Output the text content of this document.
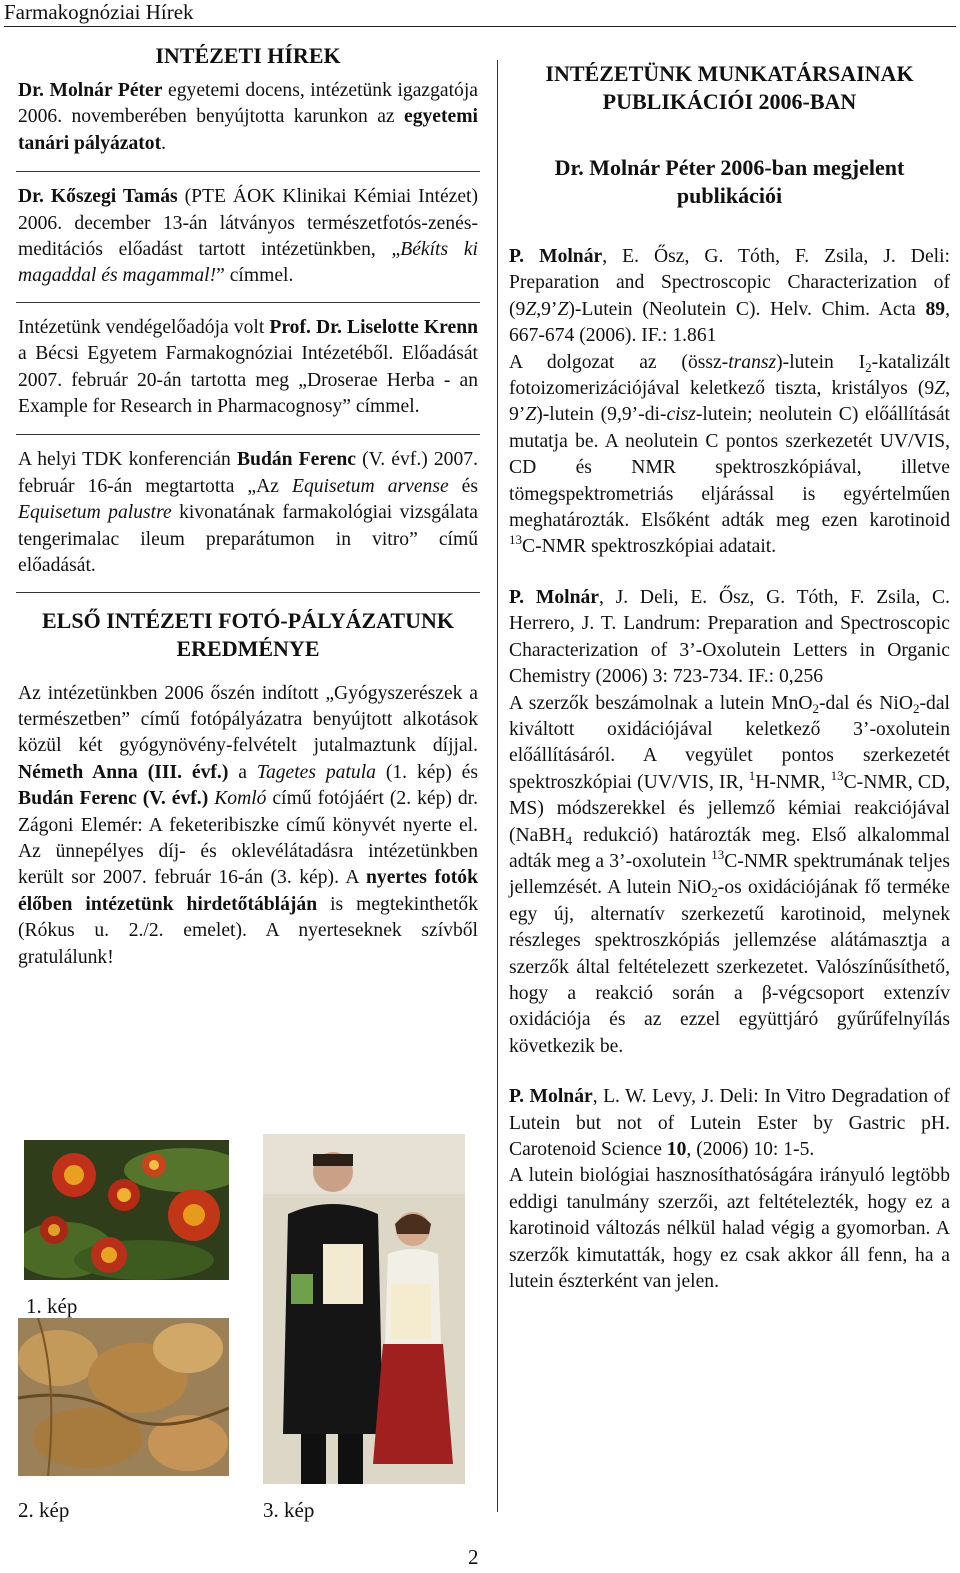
Farmakognóziai Hírek
INTÉZETI HÍREK

Dr. Molnár Péter egyetemi docens, intézetünk igazgatója 2006. novemberében benyújtotta karunkon az egyetemi tanári pályázatot.

Dr. Kőszegi Tamás (PTE ÁOK Klinikai Kémiai Intézet) 2006. december 13-án látványos természetfotós-zenés-meditációs előadást tartott intézetünkben, „Békíts ki magaddal és magammal!” címmel.

Intézetünk vendégelőadója volt Prof. Dr. Liselotte Krenn a Bécsi Egyetem Farmakognóziai Intézetéből. Előadását 2007. február 20-án tartotta meg „Droserae Herba - an Example for Research in Pharmacognosy” címmel.

A helyi TDK konferencián Budán Ferenc (V. évf.) 2007. február 16-án megtartotta „Az Equisetum arvense és Equisetum palustre kivonatának farmakológiai vizsgálata tengerimalac ileum preparátumon in vitro” című előadását.

ELSŐ INTÉZETI FOTÓ-PÁLYÁZATUNK EREDMÉNYE

Az intézetünkben 2006 őszén indított „Gyógyszerészek a természetben” című fotópályázatra benyújtott alkotások közül két gyógynövény-felvételt jutalmaztunk díjjal. Németh Anna (III. évf.) a Tagetes patula (1. kép) és Budán Ferenc (V. évf.) Komló című fotójáért (2. kép) dr. Zágoni Elemér: A feketeribiszke című könyvét nyerte el. Az ünnepélyes díj- és oklevélátadásra intézetünkben került sor 2007. február 16-án (3. kép). A nyertes fotók élőben intézetünk hirdetőtábláján is megtekinthetők (Rókus u. 2./2. emelet). A nyerteseknek szívből gratulálunk!

1. kép
2. kép	3. kép
INTÉZETÜNK MUNKATÁRSAINAK PUBLIKÁCIÓI 2006-BAN
Dr. Molnár Péter 2006-ban megjelent publikációi

P. Molnár, E. Ősz, G. Tóth, F. Zsila, J. Deli: Preparation and Spectroscopic Characterization of (9Z,9’Z)-Lutein (Neolutein C). Helv. Chim. Acta 89, 667-674 (2006). IF.: 1.861

A dolgozat az (össz-transz)-lutein $I_2$-katalizált fotoizomerizációjával keletkező tiszta, kristályos (9Z, 9’Z)-lutein (9,9’-di-cisz-lutein; neolutein C) előállítását mutatja be. A neolutein C pontos szerkezetét UV/VIS, CD és NMR spektroszkópiával, illetve tömegspektrometriás eljárással is egyértelműen meghatározták. Elsőként adták meg ezen karotinoid $^{13}$C-NMR spektroszkópiai adatait.

P. Molnár, J. Deli, E. Ősz, G. Tóth, F. Zsila, C. Herrero, J. T. Landrum: Preparation and Spectroscopic Characterization of 3’-Oxolutein Letters in Organic Chemistry (2006) 3: 723-734. IF.: 0,256

A szerzők beszámolnak a lutein MnO$_2$-dal és NiO$_2$-dal kiváltott oxidációjával keletkező 3’-oxolutein előállításáról. A vegyület pontos szerkezetét spektroszkópiai (UV/VIS, IR, $^1$H-NMR, $^{13}$C-NMR, CD, MS) módszerekkel és jellemző kémiai reakciójával (NaBH$_4$ redukció) határozták meg. Első alkalommal adták meg a 3’-oxolutein $^{13}$C-NMR spektrumának teljes jellemzését. A lutein NiO$_2$-os oxidációjának fő terméke egy új, alternatív szerkezetű karotinoid, melynek részleges spektroszkópiás jellemzése alátámasztja a szerzők által feltételezett szerkezetet. Valószínűsíthető, hogy a reakció során a β-végcsoport extenzív oxidációja és az ezzel együttjáró gyűrűfelnyílás következik be.

P. Molnár, L. W. Levy, J. Deli: In Vitro Degradation of Lutein but not of Lutein Ester by Gastric pH. Carotenoid Science 10, (2006) 10: 1-5.

A lutein biológiai hasznosíthatóságára irányuló legtöbb eddigi tanulmány szerzői, azt feltételezték, hogy ez a karotinoid változás nélkül halad végig a gyomorban. A szerzők kimutatták, hogy ez csak akkor áll fenn, ha a lutein észterként van jelen.

2
